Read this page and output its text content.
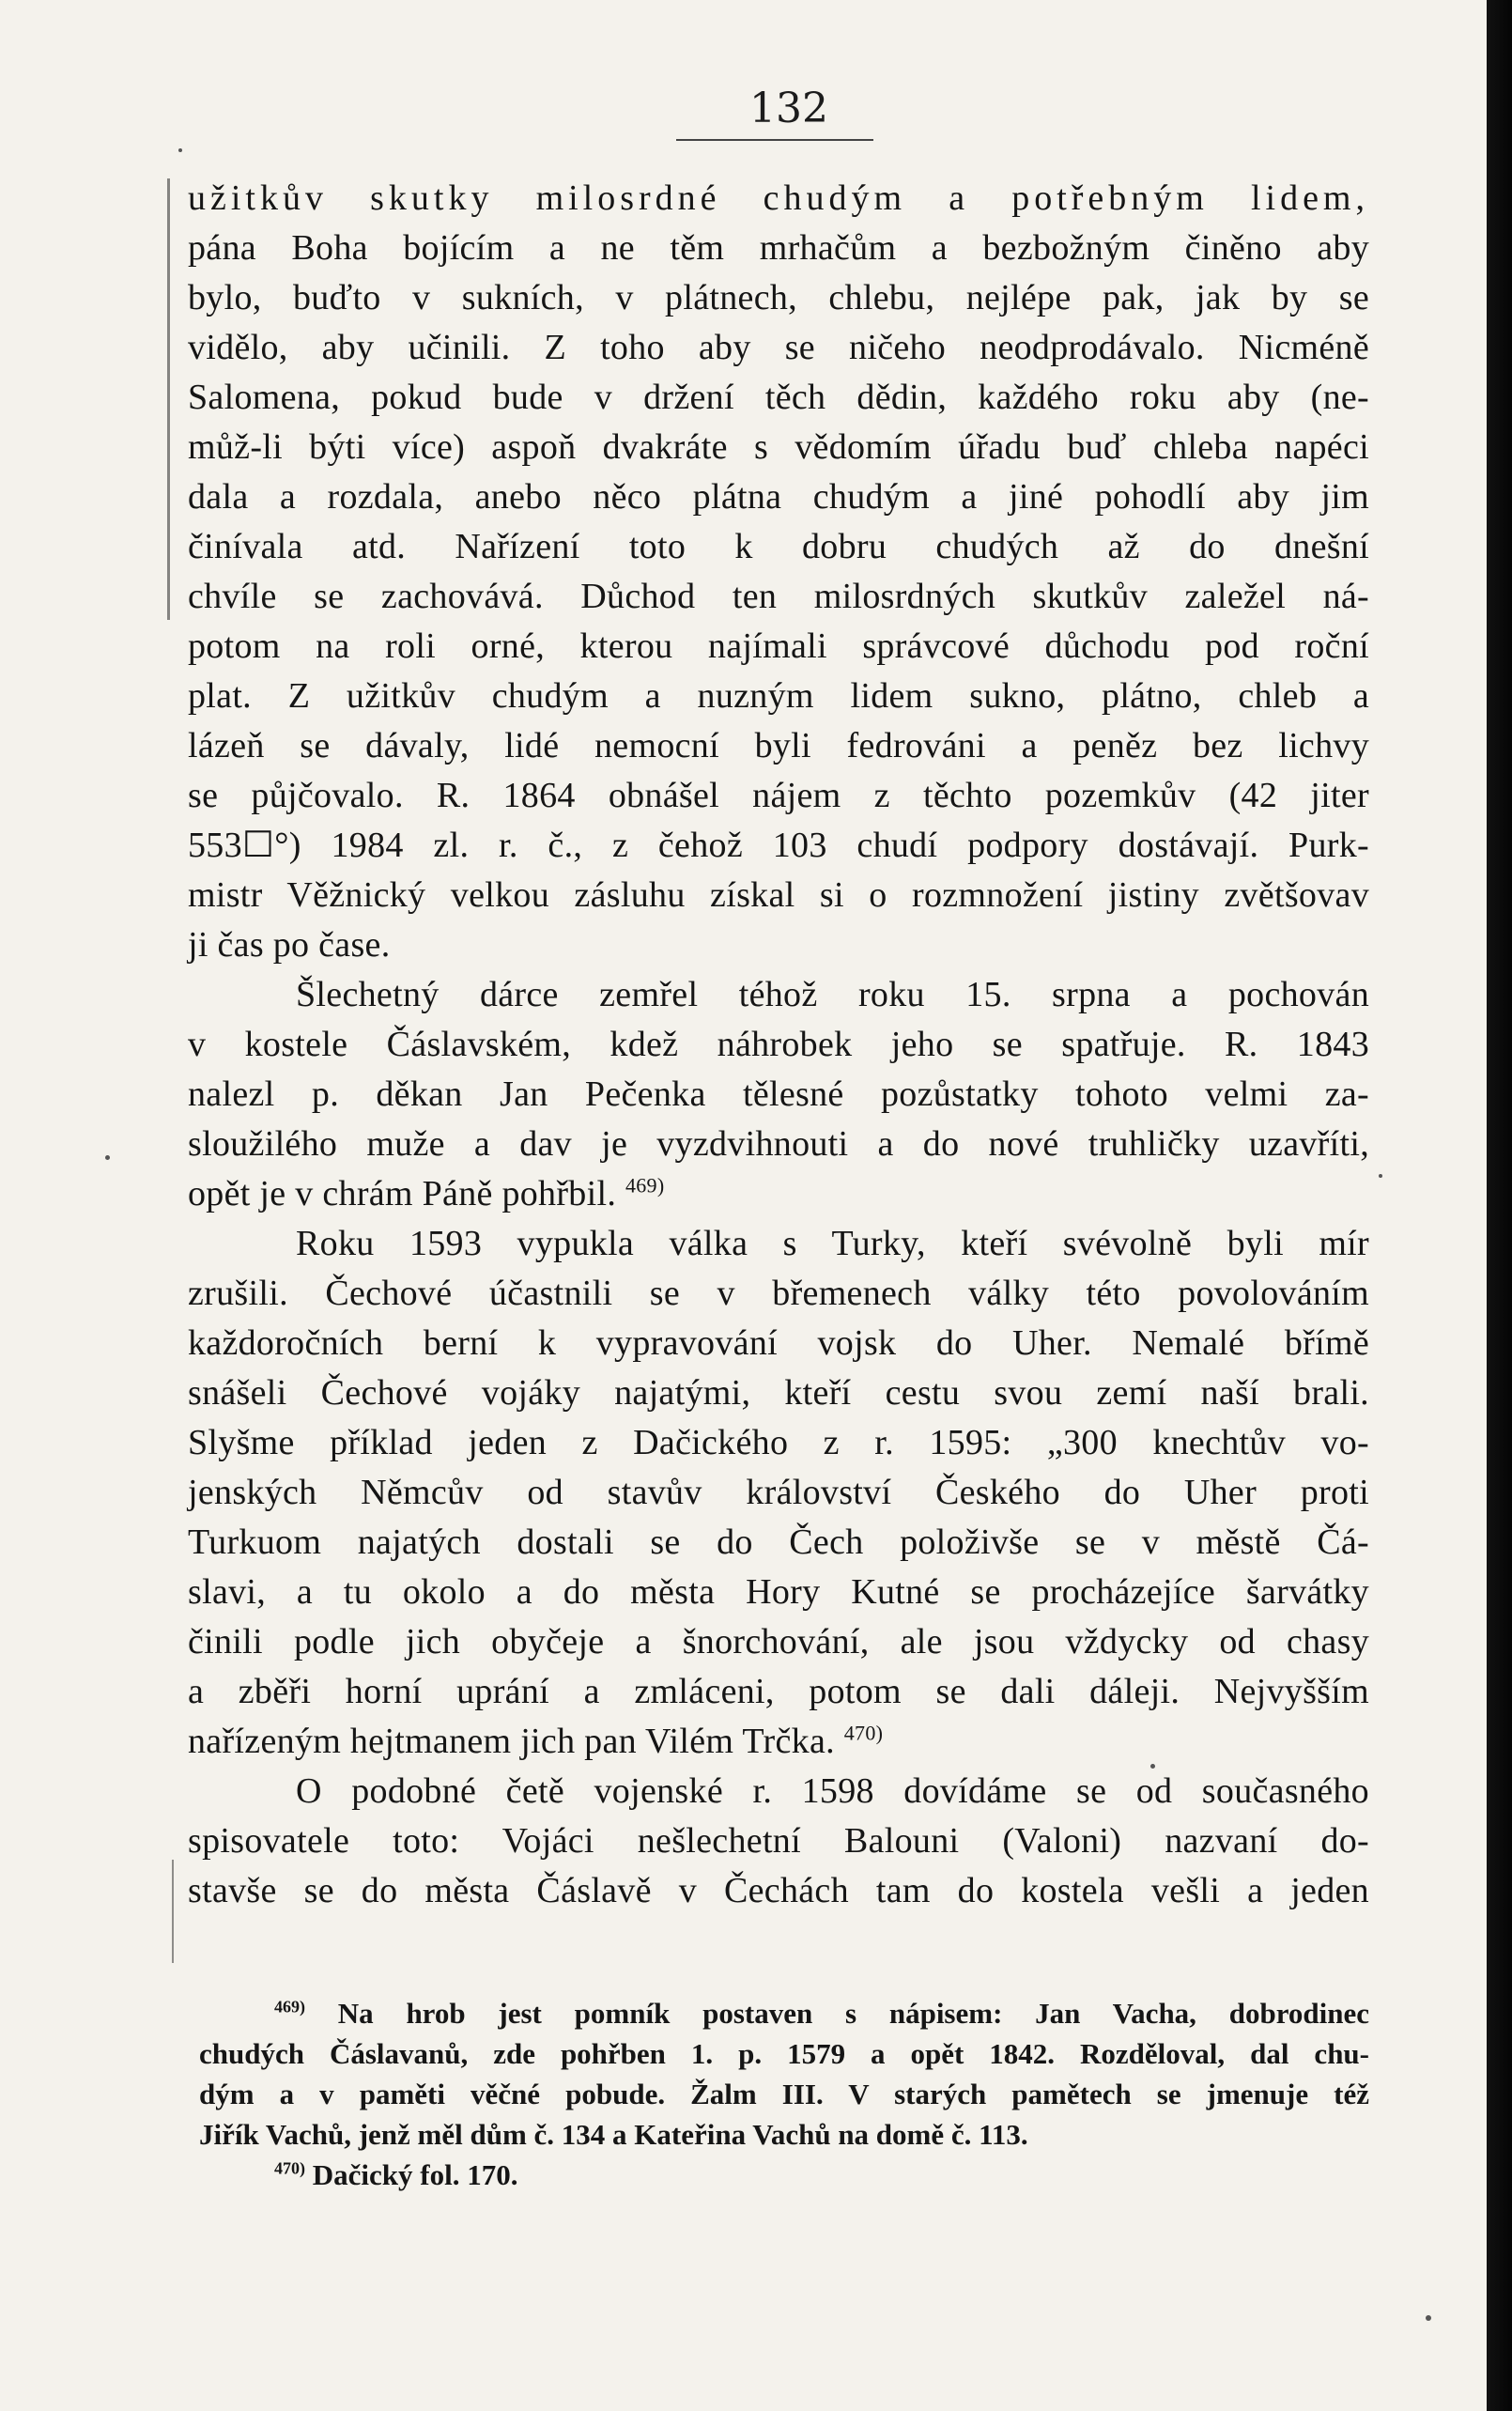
132
užitkův skutky milosrdné chudým a potřebným lidem,
pána Boha bojícím a ne těm mrhačům a bezbožným činěno aby
bylo, buďto v sukních, v plátnech, chlebu, nejlépe pak, jak by se
vidělo, aby učinili. Z toho aby se ničeho neodprodávalo. Nicméně
Salomena, pokud bude v držení těch dědin, každého roku aby (ne-
můž-li býti více) aspoň dvakráte s vědomím úřadu buď chleba napéci
dala a rozdala, anebo něco plátna chudým a jiné pohodlí aby jim
činívala atd. Nařízení toto k dobru chudých až do dnešní
chvíle se zachovává. Důchod ten milosrdných skutkův zaležel ná-
potom na roli orné, kterou najímali správcové důchodu pod roční
plat. Z užitkův chudým a nuzným lidem sukno, plátno, chleb a
lázeň se dávaly, lidé nemocní byli fedrováni a peněz bez lichvy
se půjčovalo. R. 1864 obnášel nájem z těchto pozemkův (42 jiter
553☐°) 1984 zl. r. č., z čehož 103 chudí podpory dostávají. Purk-
mistr Věžnický velkou zásluhu získal si o rozmnožení jistiny zvětšovav
ji čas po čase.
Šlechetný dárce zemřel téhož roku 15. srpna a pochován
v kostele Čáslavském, kdež náhrobek jeho se spatřuje. R. 1843
nalezl p. děkan Jan Pečenka tělesné pozůstatky tohoto velmi za-
sloužilého muže a dav je vyzdvihnouti a do nové truhličky uzavříti,
opět je v chrám Páně pohřbil. $^{469)}$
Roku 1593 vypukla válka s Turky, kteří svévolně byli mír
zrušili. Čechové účastnili se v břemenech války této povolováním
každoročních berní k vypravování vojsk do Uher. Nemalé břímě
snášeli Čechové vojáky najatými, kteří cestu svou zemí naší brali.
Slyšme příklad jeden z Dačického z r. 1595: „300 knechtův vo-
jenských Němcův od stavův království Českého do Uher proti
Turkuom najatých dostali se do Čech položivše se v městě Čá-
slavi, a tu okolo a do města Hory Kutné se procházejíce šarvátky
činili podle jich obyčeje a šnorchování, ale jsou vždycky od chasy
a zběři horní uprání a zmláceni, potom se dali dáleji. Nejvyšším
nařízeným hejtmanem jich pan Vilém Trčka. $^{470)}$
O podobné četě vojenské r. 1598 dovídáme se od současného
spisovatele toto: Vojáci nešlechetní Balouni (Valoni) nazvaní do-
stavše se do města Čáslavě v Čechách tam do kostela vešli a jeden
$^{469)}$ Na hrob jest pomník postaven s nápisem: Jan Vacha, dobrodinec
chudých Čáslavanů, zde pohřben 1. p. 1579 a opět 1842. Rozděloval, dal chu-
dým a v paměti věčné pobude. Žalm III. V starých pamětech se jmenuje též
Jiřík Vachů, jenž měl dům č. 134 a Kateřina Vachů na domě č. 113.
$^{470)}$ Dačický fol. 170.
